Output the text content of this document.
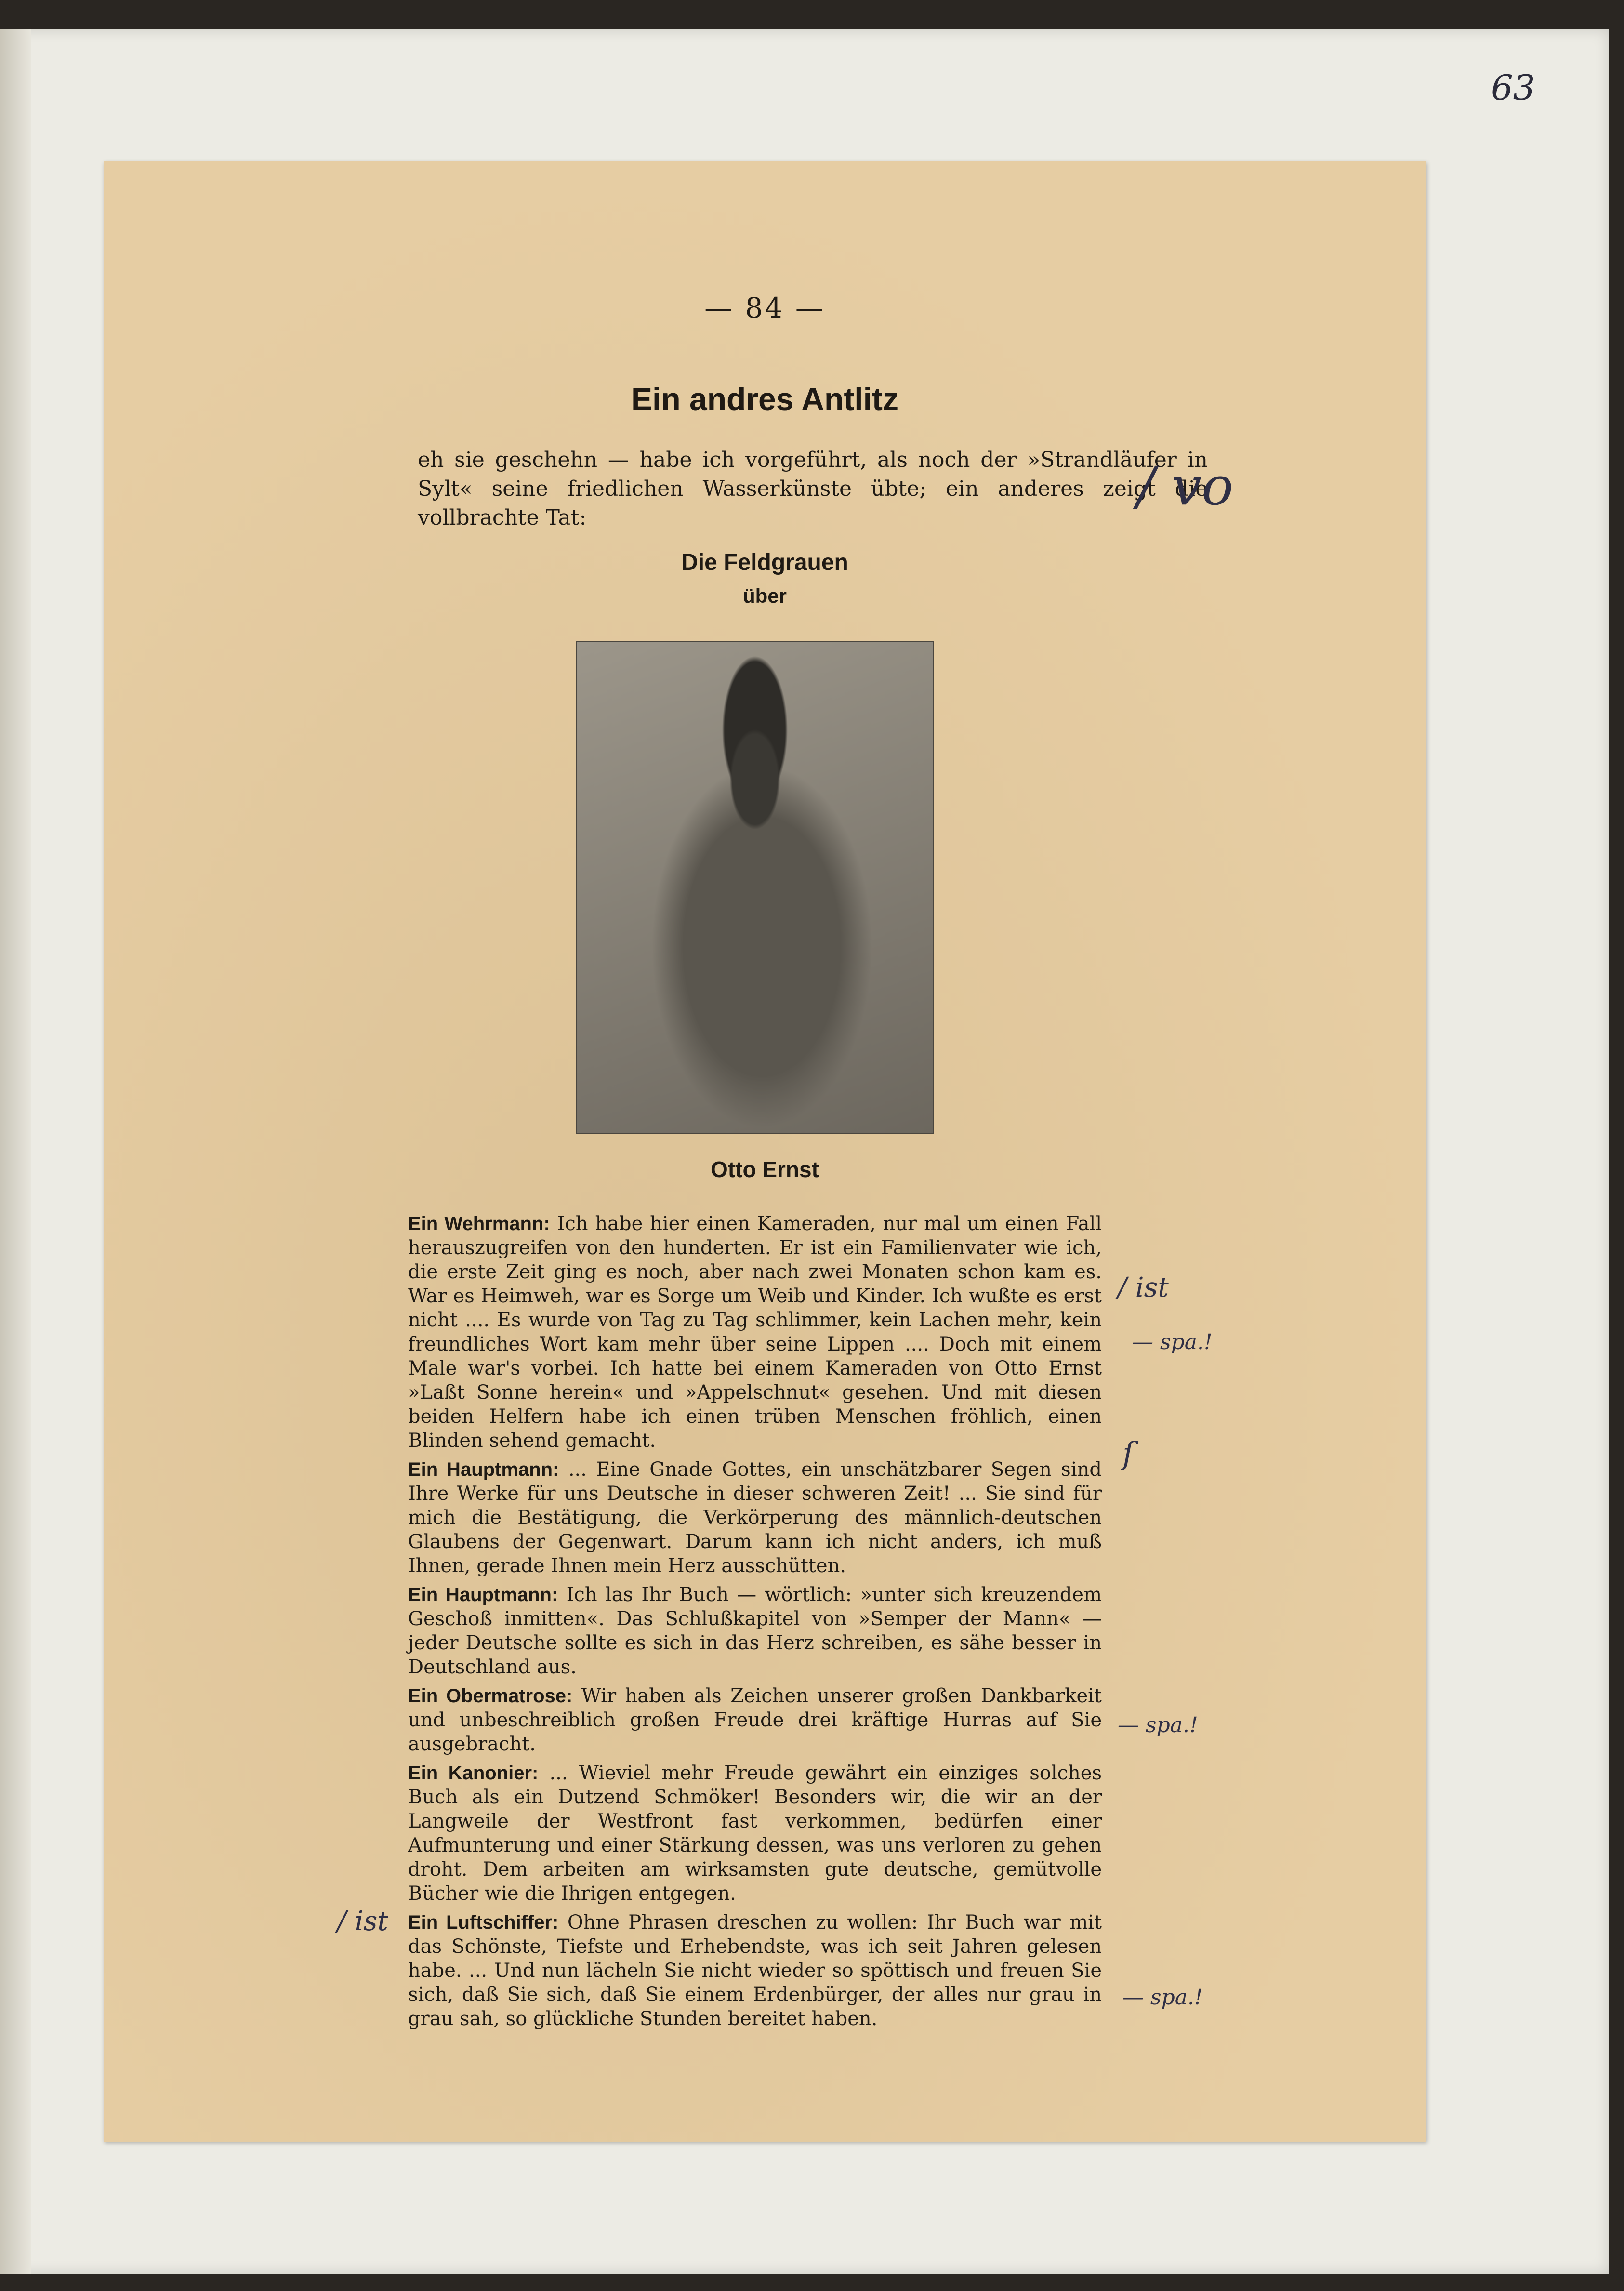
63
— 84 —
Ein andres Antlitz
eh sie geschehn — habe ich vorgeführt, als noch der »Strandläufer in Sylt« seine friedlichen Wasserkünste übte; ein anderes zeigt die vollbrachte Tat:
Die Feldgrauen
über
Otto Ernst

Ein Wehrmann: Ich habe hier einen Kameraden, nur mal um einen Fall herauszugreifen von den hunderten. Er ist ein Familienvater wie ich, die erste Zeit ging es noch, aber nach zwei Monaten schon kam es. War es Heimweh, war es Sorge um Weib und Kinder. Ich wußte es erst nicht .... Es wurde von Tag zu Tag schlimmer, kein Lachen mehr, kein freundliches Wort kam mehr über seine Lippen .... Doch mit einem Male war's vorbei. Ich hatte bei einem Kameraden von Otto Ernst »Laßt Sonne herein« und »Appelschnut« gesehen. Und mit diesen beiden Helfern habe ich einen trüben Menschen fröhlich, einen Blinden sehend gemacht.

Ein Hauptmann: ... Eine Gnade Gottes, ein unschätzbarer Segen sind Ihre Werke für uns Deutsche in dieser schweren Zeit! ... Sie sind für mich die Bestätigung, die Verkörperung des männlich-deutschen Glaubens der Gegenwart. Darum kann ich nicht anders, ich muß Ihnen, gerade Ihnen mein Herz ausschütten.

Ein Hauptmann: Ich las Ihr Buch — wörtlich: »unter sich kreuzendem Geschoß inmitten«. Das Schlußkapitel von »Semper der Mann« — jeder Deutsche sollte es sich in das Herz schreiben, es sähe besser in Deutschland aus.

Ein Obermatrose: Wir haben als Zeichen unserer großen Dankbarkeit und unbeschreiblich großen Freude drei kräftige Hurras auf Sie ausgebracht.

Ein Kanonier: ... Wieviel mehr Freude gewährt ein einziges solches Buch als ein Dutzend Schmöker! Besonders wir, die wir an der Langweile der Westfront fast verkommen, bedürfen einer Aufmunterung und einer Stärkung dessen, was uns verloren zu gehen droht. Dem arbeiten am wirksamsten gute deutsche, gemütvolle Bücher wie die Ihrigen entgegen.

Ein Luftschiffer: Ohne Phrasen dreschen zu wollen: Ihr Buch war mit das Schönste, Tiefste und Erhebendste, was ich seit Jahren gelesen habe. ... Und nun lächeln Sie nicht wieder so spöttisch und freuen Sie sich, daß Sie sich, daß Sie einem Erdenbürger, der alles nur grau in grau sah, so glückliche Stunden bereitet haben.

/ vo
/ ist
— spa.!
ſ
— spa.!
/ ist
— spa.!
